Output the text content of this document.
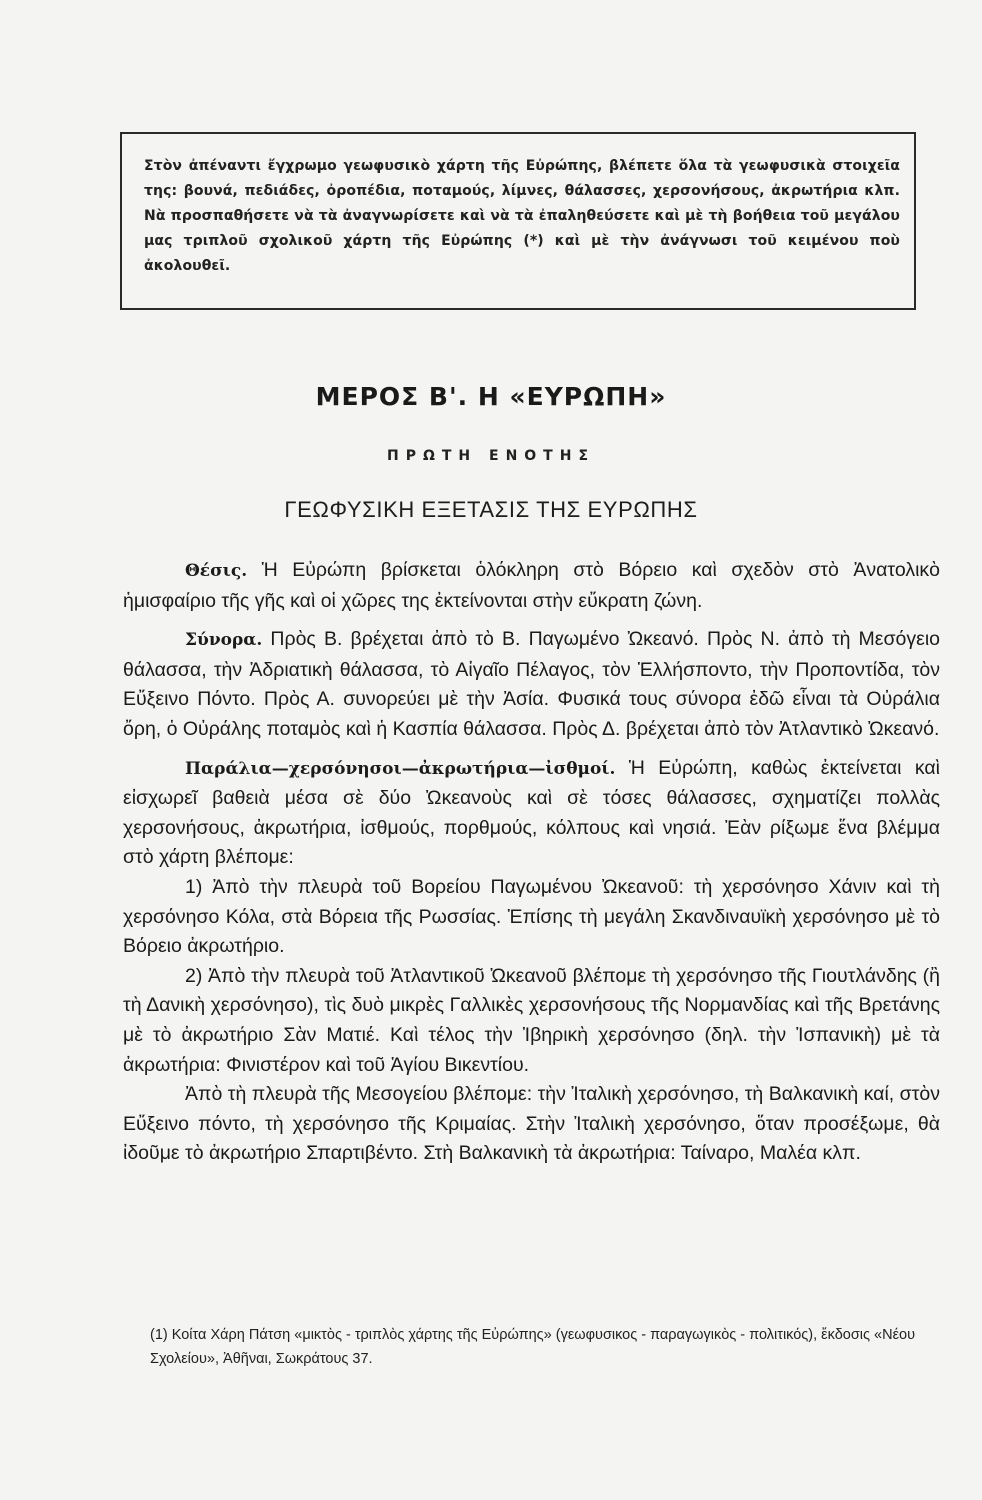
Στὸν ἀπέναντι ἔγχρωμο γεωφυσικὸ χάρτη τῆς Εὐρώπης, βλέπετε ὅλα τὰ γεωφυσικὰ στοιχεῖα της: βουνά, πεδιάδες, ὀροπέδια, ποταμούς, λίμνες, θάλασσες, χερσονήσους, ἀκρωτήρια κλπ. Νὰ προσπαθήσετε νὰ τὰ ἀναγνωρίσετε καὶ νὰ τὰ ἐπαληθεύσετε καὶ μὲ τὴ βοήθεια τοῦ μεγάλου μας τριπλοῦ σχολικοῦ χάρτη τῆς Εὐρώπης (*) καὶ μὲ τὴν ἀνάγνωσι τοῦ κειμένου ποὺ ἀκολουθεῖ.

ΜΕΡΟΣ Β'. Η «ΕΥΡΩΠΗ»
ΠΡΩΤΗ ΕΝΟΤΗΣ
ΓΕΩΦΥΣΙΚΗ ΕΞΕΤΑΣΙΣ ΤΗΣ ΕΥΡΩΠΗΣ

Θέσις. Ἡ Εὐρώπη βρίσκεται ὁλόκληρη στὸ Βόρειο καὶ σχεδὸν στὸ Ἀνατολικὸ ἡμισφαίριο τῆς γῆς καὶ οἱ χῶρες της ἐκτείνονται στὴν εὔκρατη ζώνη.

Σύνορα. Πρὸς Β. βρέχεται ἀπὸ τὸ Β. Παγωμένο Ὠκεανό. Πρὸς Ν. ἀπὸ τὴ Μεσόγειο θάλασσα, τὴν Ἀδριατικὴ θάλασσα, τὸ Αἰγαῖο Πέλαγος, τὸν Ἑλλήσποντο, τὴν Προποντίδα, τὸν Εὔξεινο Πόντο. Πρὸς Α. συνορεύει μὲ τὴν Ἀσία. Φυσικά τους σύνορα ἐδῶ εἶναι τὰ Οὐράλια ὄρη, ὁ Οὐράλης ποταμὸς καὶ ἡ Κασπία θάλασσα. Πρὸς Δ. βρέχεται ἀπὸ τὸν Ἀτλαντικὸ Ὠκεανό.

Παράλια—χερσόνησοι—ἀκρωτήρια—ἰσθμοί. Ἡ Εὐρώπη, καθὼς ἐκτείνεται καὶ εἰσχωρεῖ βαθειὰ μέσα σὲ δύο Ὠκεανοὺς καὶ σὲ τόσες θάλασσες, σχηματίζει πολλὰς χερσονήσους, ἀκρωτήρια, ἰσθμούς, πορθμούς, κόλπους καὶ νησιά. Ἐὰν ρίξωμε ἕνα βλέμμα στὸ χάρτη βλέπομε:

1) Ἀπὸ τὴν πλευρὰ τοῦ Βορείου Παγωμένου Ὠκεανοῦ: τὴ χερσόνησο Χάνιν καὶ τὴ χερσόνησο Κόλα, στὰ Βόρεια τῆς Ρωσσίας. Ἐπίσης τὴ μεγάλη Σκανδιναυϊκὴ χερσόνησο μὲ τὸ Βόρειο ἀκρωτήριο.

2) Ἀπὸ τὴν πλευρὰ τοῦ Ἀτλαντικοῦ Ὠκεανοῦ βλέπομε τὴ χερσόνησο τῆς Γιουτλάνδης (ἢ τὴ Δανικὴ χερσόνησο), τὶς δυὸ μικρὲς Γαλλικὲς χερσονήσους τῆς Νορμανδίας καὶ τῆς Βρετάνης μὲ τὸ ἀκρωτήριο Σὰν Ματιέ. Καὶ τέλος τὴν Ἰβηρικὴ χερσόνησο (δηλ. τὴν Ἰσπανικὴ) μὲ τὰ ἀκρωτήρια: Φινιστέρον καὶ τοῦ Ἁγίου Βικεντίου.

Ἀπὸ τὴ πλευρὰ τῆς Μεσογείου βλέπομε: τὴν Ἰταλικὴ χερσόνησο, τὴ Βαλκανικὴ καί, στὸν Εὔξεινο πόντο, τὴ χερσόνησο τῆς Κριμαίας. Στὴν Ἰταλικὴ χερσόνησο, ὅταν προσέξωμε, θὰ ἰδοῦμε τὸ ἀκρωτήριο Σπαρτιβέντο. Στὴ Βαλκανικὴ τὰ ἀκρωτήρια: Ταίναρο, Μαλέα κλπ.

(1) Κοίτα Χάρη Πάτση «μικτὸς - τριπλὸς χάρτης τῆς Εὐρώπης» (γεωφυσικος - παραγωγικὸς - πολιτικός), ἔκδοσις «Νέου Σχολείου», Ἀθῆναι, Σωκράτους 37.
